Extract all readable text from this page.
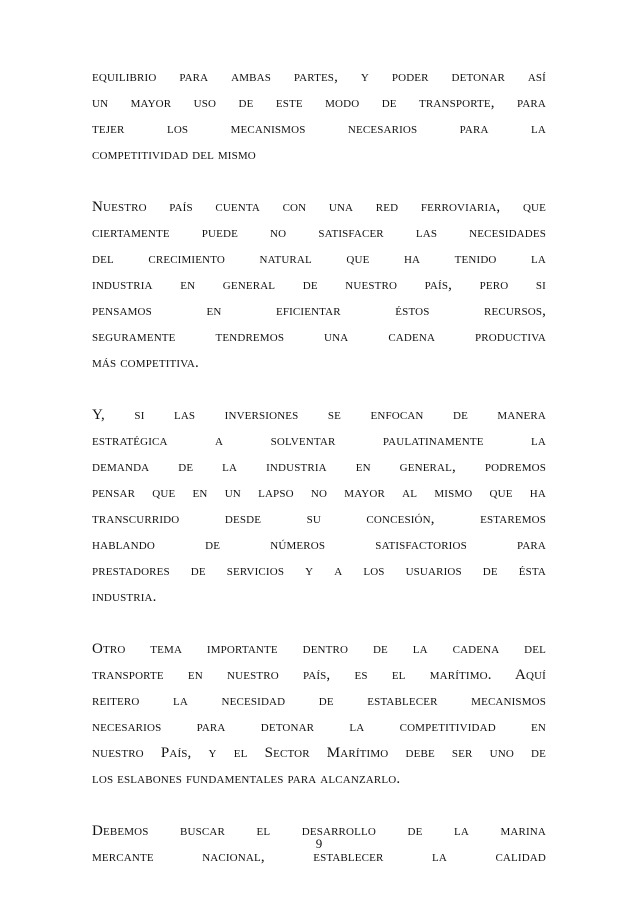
equilibrio para ambas partes, y poder detonar así
un mayor uso de este modo de transporte, para
tejer los mecanismos necesarios para la
competitividad del mismo

Nuestro país cuenta con una red ferroviaria, que
ciertamente puede no satisfacer las necesidades
del crecimiento natural que ha tenido la
industria en general de nuestro país, pero si
pensamos en eficientar éstos recursos,
seguramente tendremos una cadena productiva
más competitiva.

Y, si las inversiones se enfocan de manera
estratégica a solventar paulatinamente la
demanda de la industria en general, podremos
pensar que en un lapso no mayor al mismo que ha
transcurrido desde su concesión, estaremos
hablando de números satisfactorios para
prestadores de servicios y a los usuarios de ésta
industria.

Otro tema importante dentro de la cadena del
transporte en nuestro país, es el marítimo. Aquí
reitero la necesidad de establecer mecanismos
necesarios para detonar la competitividad en
nuestro País, y el Sector Marítimo debe ser uno de
los eslabones fundamentales para alcanzarlo.

Debemos buscar el desarrollo de la marina
mercante nacional, establecer la calidad

9
